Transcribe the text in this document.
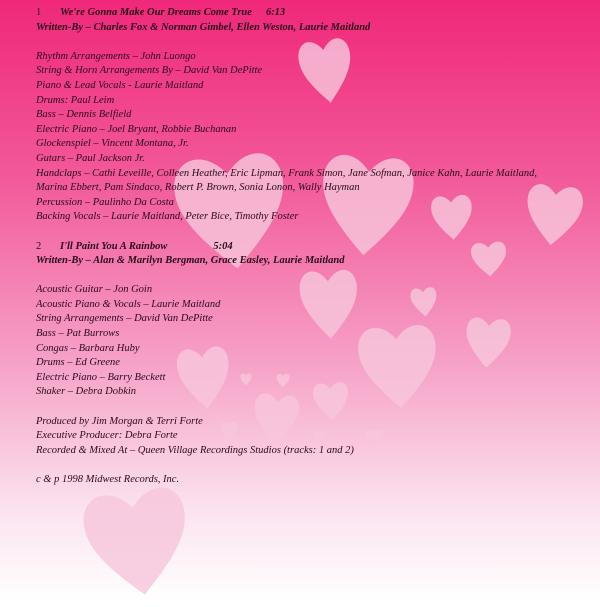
1 We're Gonna Make Our Dreams Come True 6:13
Written-By – Charles Fox & Norman Gimbel, Ellen Weston, Laurie Maitland
Rhythm Arrangements – John Luongo
String & Horn Arrangements By – David Van DePitte
Piano & Lead Vocals - Laurie Maitland
Drums: Paul Leim
Bass – Dennis Belfield
Electric Piano – Joel Bryant, Robbie Buchanan
Glockenspiel – Vincent Montana, Jr.
Gutars – Paul Jackson Jr.
Handclaps – Cathi Leveille, Colleen Heather, Eric Lipman, Frank Simon, Jane Sofman, Janice Kahn, Laurie Maitland,
Marina Ebbert, Pam Sindaco, Robert P. Brown, Sonia Lonon, Wally Hayman
Percussion – Paulinho Da Costa
Backing Vocals – Laurie Maitland, Peter Bice, Timothy Foster
2 I'll Paint You A Rainbow	5:04
Written-By – Alan & Marilyn Bergman, Grace Easley, Laurie Maitland
Acoustic Guitar – Jon Goin
Acoustic Piano & Vocals – Laurie Maitland
String Arrangements – David Van DePitte
Bass – Pat Burrows
Congas – Barbara Huby
Drums – Ed Greene
Electric Piano – Barry Beckett
Shaker – Debra Dobkin
Produced by Jim Morgan & Terri Forte
Executive Producer: Debra Forte
Recorded & Mixed At – Queen Village Recordings Studios (tracks: 1 and 2)
c & p 1998 Midwest Records, Inc.
